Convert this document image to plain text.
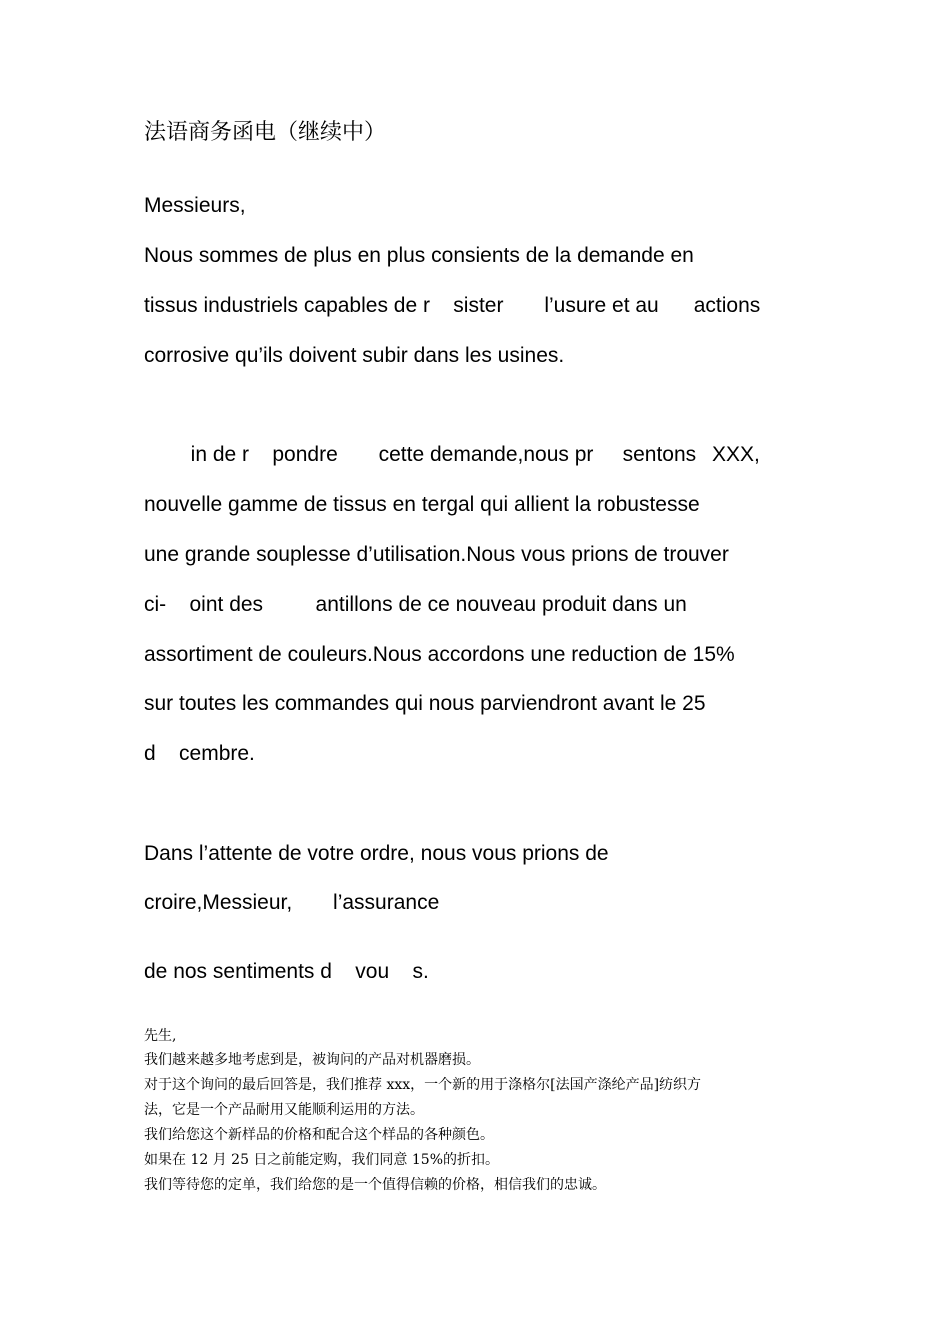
法语商务函电（继续中）
Messieurs,
Nous sommes de plus en plus consients de la demande en
tissus industriels capables de r    sister       l’usure et au      actions
corrosive qu’ils doivent subir dans les usines.
in de r    pondre       cette demande,nous pr     sentons XXX,
nouvelle gamme de tissus en tergal qui allient la robustesse
une grande souplesse d’utilisation.Nous vous prions de trouver
ci-    oint des         antillons de ce nouveau produit dans un
assortiment de couleurs.Nous accordons une reduction de 15%
sur toutes les commandes qui nous parviendront avant le 25
d    cembre.
Dans l’attente de votre ordre, nous vous prions de
croire,Messieur,       l’assurance
de nos sentiments d    vou    s.
先生,
我们越来越多地考虑到是，被询问的产品对机器磨损。
对于这个询问的最后回答是，我们推荐 xxx，一个新的用于涤格尔[法国产涤纶产品]纺织方
法，它是一个产品耐用又能顺利运用的方法。
我们给您这个新样品的价格和配合这个样品的各种颜色。
如果在 12 月 25 日之前能定购，我们同意 15%的折扣。
我们等待您的定单，我们给您的是一个值得信赖的价格，相信我们的忠诚。
